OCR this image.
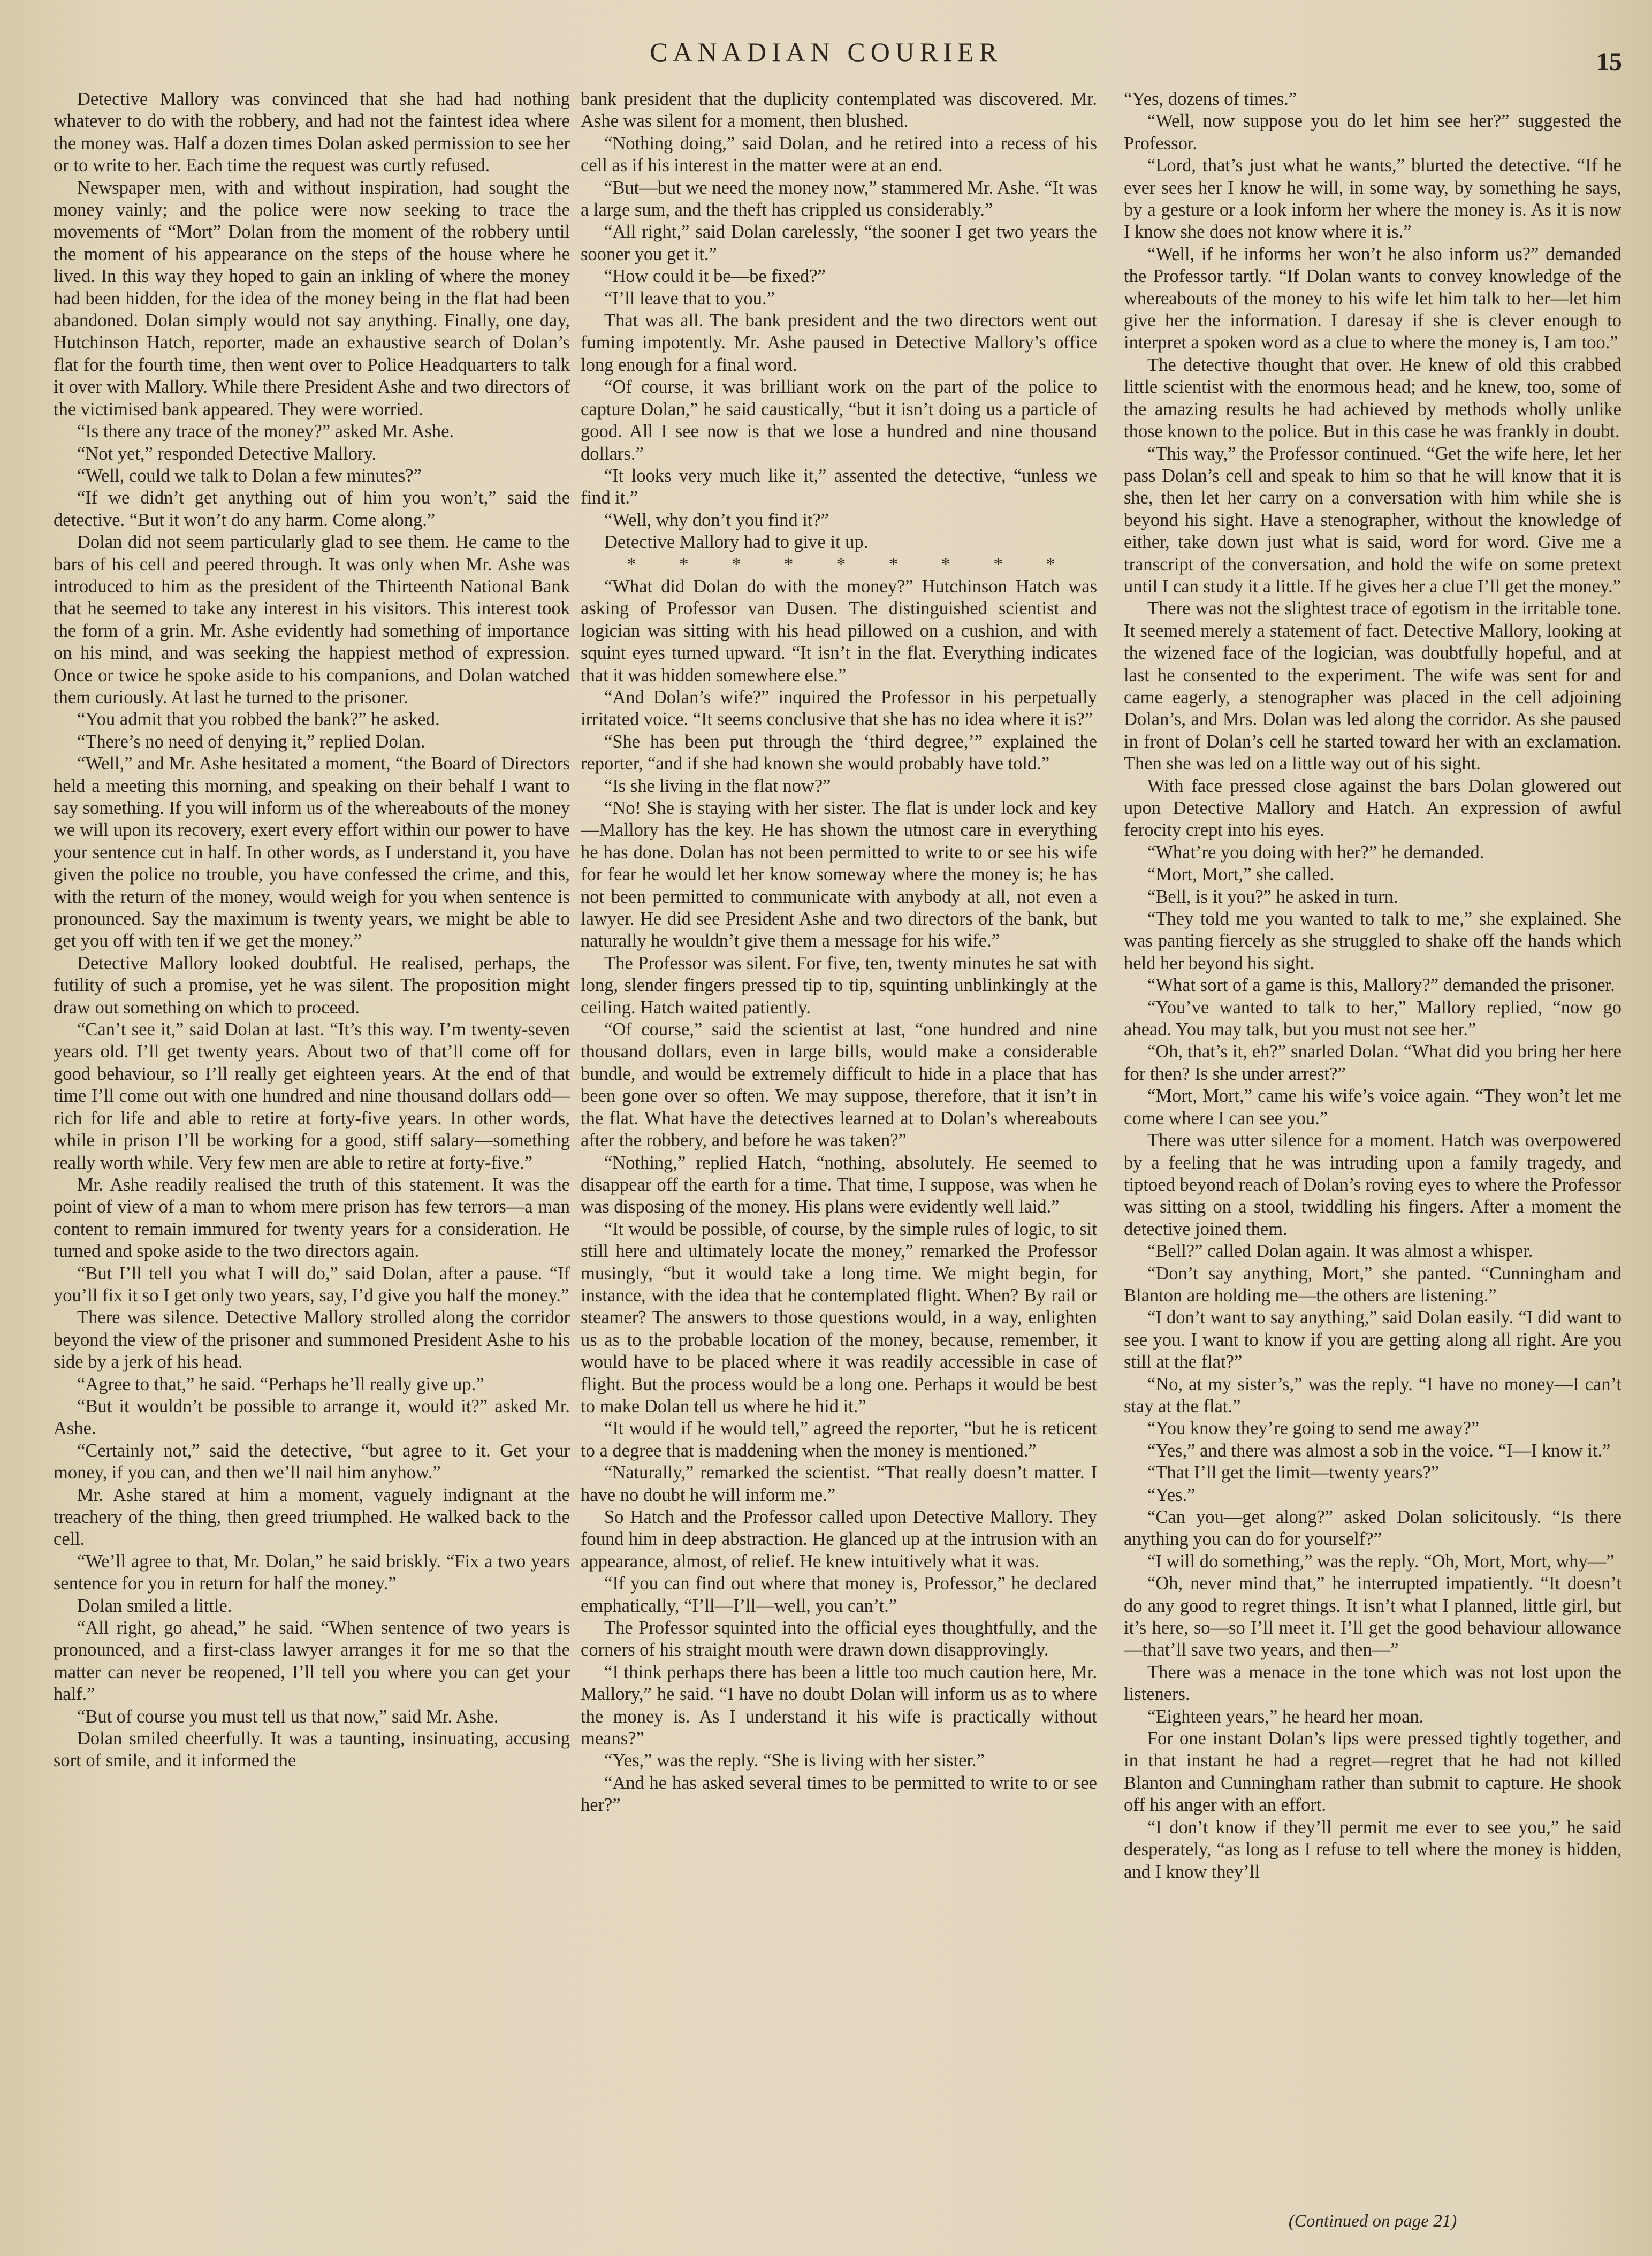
CANADIAN COURIER	15

Detective Mallory was convinced that she had had nothing whatever to do with the robbery, and had not the faintest idea where the money was. Half a dozen times Dolan asked permission to see her or to write to her. Each time the request was curtly refused.

Newspaper men, with and without inspiration, had sought the money vainly; and the police were now seeking to trace the movements of “Mort” Dolan from the moment of the robbery until the moment of his appearance on the steps of the house where he lived. In this way they hoped to gain an inkling of where the money had been hidden, for the idea of the money being in the flat had been abandoned. Dolan simply would not say anything. Finally, one day, Hutchinson Hatch, reporter, made an exhaustive search of Dolan’s flat for the fourth time, then went over to Police Headquarters to talk it over with Mallory. While there President Ashe and two directors of the victimised bank appeared. They were worried.

“Is there any trace of the money?” asked Mr. Ashe.

“Not yet,” responded Detective Mallory.

“Well, could we talk to Dolan a few minutes?”

“If we didn’t get anything out of him you won’t,” said the detective. “But it won’t do any harm. Come along.”

Dolan did not seem particularly glad to see them. He came to the bars of his cell and peered through. It was only when Mr. Ashe was introduced to him as the president of the Thirteenth National Bank that he seemed to take any interest in his visitors. This interest took the form of a grin. Mr. Ashe evidently had something of importance on his mind, and was seeking the happiest method of expression. Once or twice he spoke aside to his companions, and Dolan watched them curiously. At last he turned to the prisoner.

“You admit that you robbed the bank?” he asked.

“There’s no need of denying it,” replied Dolan.

“Well,” and Mr. Ashe hesitated a moment, “the Board of Directors held a meeting this morning, and speaking on their behalf I want to say something. If you will inform us of the whereabouts of the money we will upon its recovery, exert every effort within our power to have your sentence cut in half. In other words, as I understand it, you have given the police no trouble, you have confessed the crime, and this, with the return of the money, would weigh for you when sentence is pronounced. Say the maximum is twenty years, we might be able to get you off with ten if we get the money.”

Detective Mallory looked doubtful. He realised, perhaps, the futility of such a promise, yet he was silent. The proposition might draw out something on which to proceed.

“Can’t see it,” said Dolan at last. “It’s this way. I’m twenty-seven years old. I’ll get twenty years. About two of that’ll come off for good behaviour, so I’ll really get eighteen years. At the end of that time I’ll come out with one hundred and nine thousand dollars odd—rich for life and able to retire at forty-five years. In other words, while in prison I’ll be working for a good, stiff salary—something really worth while. Very few men are able to retire at forty-five.”

Mr. Ashe readily realised the truth of this statement. It was the point of view of a man to whom mere prison has few terrors—a man content to remain immured for twenty years for a consideration. He turned and spoke aside to the two directors again.

“But I’ll tell you what I will do,” said Dolan, after a pause. “If you’ll fix it so I get only two years, say, I’d give you half the money.”

There was silence. Detective Mallory strolled along the corridor beyond the view of the prisoner and summoned President Ashe to his side by a jerk of his head.

“Agree to that,” he said. “Perhaps he’ll really give up.”

“But it wouldn’t be possible to arrange it, would it?” asked Mr. Ashe.

“Certainly not,” said the detective, “but agree to it. Get your money, if you can, and then we’ll nail him anyhow.”

Mr. Ashe stared at him a moment, vaguely indignant at the treachery of the thing, then greed triumphed. He walked back to the cell.

“We’ll agree to that, Mr. Dolan,” he said briskly. “Fix a two years sentence for you in return for half the money.”

Dolan smiled a little.

“All right, go ahead,” he said. “When sentence of two years is pronounced, and a first-class lawyer arranges it for me so that the matter can never be reopened, I’ll tell you where you can get your half.”

“But of course you must tell us that now,” said Mr. Ashe.

Dolan smiled cheerfully. It was a taunting, insinuating, accusing sort of smile, and it informed the

bank president that the duplicity contemplated was discovered. Mr. Ashe was silent for a moment, then blushed.

“Nothing doing,” said Dolan, and he retired into a recess of his cell as if his interest in the matter were at an end.

“But—but we need the money now,” stammered Mr. Ashe. “It was a large sum, and the theft has crippled us considerably.”

“All right,” said Dolan carelessly, “the sooner I get two years the sooner you get it.”

“How could it be—be fixed?”

“I’ll leave that to you.”

That was all. The bank president and the two directors went out fuming impotently. Mr. Ashe paused in Detective Mallory’s office long enough for a final word.

“Of course, it was brilliant work on the part of the police to capture Dolan,” he said caustically, “but it isn’t doing us a particle of good. All I see now is that we lose a hundred and nine thousand dollars.”

“It looks very much like it,” assented the detective, “unless we find it.”

“Well, why don’t you find it?”

Detective Mallory had to give it up.

* * * * * * * * *

“What did Dolan do with the money?” Hutchinson Hatch was asking of Professor van Dusen. The distinguished scientist and logician was sitting with his head pillowed on a cushion, and with squint eyes turned upward. “It isn’t in the flat. Everything indicates that it was hidden somewhere else.”

“And Dolan’s wife?” inquired the Professor in his perpetually irritated voice. “It seems conclusive that she has no idea where it is?”

“She has been put through the ‘third degree,’” explained the reporter, “and if she had known she would probably have told.”

“Is she living in the flat now?”

“No! She is staying with her sister. The flat is under lock and key—Mallory has the key. He has shown the utmost care in everything he has done. Dolan has not been permitted to write to or see his wife for fear he would let her know someway where the money is; he has not been permitted to communicate with anybody at all, not even a lawyer. He did see President Ashe and two directors of the bank, but naturally he wouldn’t give them a message for his wife.”

The Professor was silent. For five, ten, twenty minutes he sat with long, slender fingers pressed tip to tip, squinting unblinkingly at the ceiling. Hatch waited patiently.

“Of course,” said the scientist at last, “one hundred and nine thousand dollars, even in large bills, would make a considerable bundle, and would be extremely difficult to hide in a place that has been gone over so often. We may suppose, therefore, that it isn’t in the flat. What have the detectives learned at to Dolan’s whereabouts after the robbery, and before he was taken?”

“Nothing,” replied Hatch, “nothing, absolutely. He seemed to disappear off the earth for a time. That time, I suppose, was when he was disposing of the money. His plans were evidently well laid.”

“It would be possible, of course, by the simple rules of logic, to sit still here and ultimately locate the money,” remarked the Professor musingly, “but it would take a long time. We might begin, for instance, with the idea that he contemplated flight. When? By rail or steamer? The answers to those questions would, in a way, enlighten us as to the probable location of the money, because, remember, it would have to be placed where it was readily accessible in case of flight. But the process would be a long one. Perhaps it would be best to make Dolan tell us where he hid it.”

“It would if he would tell,” agreed the reporter, “but he is reticent to a degree that is maddening when the money is mentioned.”

“Naturally,” remarked the scientist. “That really doesn’t matter. I have no doubt he will inform me.”

So Hatch and the Professor called upon Detective Mallory. They found him in deep abstraction. He glanced up at the intrusion with an appearance, almost, of relief. He knew intuitively what it was.

“If you can find out where that money is, Professor,” he declared emphatically, “I’ll—I’ll—well, you can’t.”

The Professor squinted into the official eyes thoughtfully, and the corners of his straight mouth were drawn down disapprovingly.

“I think perhaps there has been a little too much caution here, Mr. Mallory,” he said. “I have no doubt Dolan will inform us as to where the money is. As I understand it his wife is practically without means?”

“Yes,” was the reply. “She is living with her sister.”

“And he has asked several times to be permitted to write to or see her?”

“Yes, dozens of times.”

“Well, now suppose you do let him see her?” suggested the Professor.

“Lord, that’s just what he wants,” blurted the detective. “If he ever sees her I know he will, in some way, by something he says, by a gesture or a look inform her where the money is. As it is now I know she does not know where it is.”

“Well, if he informs her won’t he also inform us?” demanded the Professor tartly. “If Dolan wants to convey knowledge of the whereabouts of the money to his wife let him talk to her—let him give her the information. I daresay if she is clever enough to interpret a spoken word as a clue to where the money is, I am too.”

The detective thought that over. He knew of old this crabbed little scientist with the enormous head; and he knew, too, some of the amazing results he had achieved by methods wholly unlike those known to the police. But in this case he was frankly in doubt.

“This way,” the Professor continued. “Get the wife here, let her pass Dolan’s cell and speak to him so that he will know that it is she, then let her carry on a conversation with him while she is beyond his sight. Have a stenographer, without the knowledge of either, take down just what is said, word for word. Give me a transcript of the conversation, and hold the wife on some pretext until I can study it a little. If he gives her a clue I’ll get the money.”

There was not the slightest trace of egotism in the irritable tone. It seemed merely a statement of fact. Detective Mallory, looking at the wizened face of the logician, was doubtfully hopeful, and at last he consented to the experiment. The wife was sent for and came eagerly, a stenographer was placed in the cell adjoining Dolan’s, and Mrs. Dolan was led along the corridor. As she paused in front of Dolan’s cell he started toward her with an exclamation. Then she was led on a little way out of his sight.

With face pressed close against the bars Dolan glowered out upon Detective Mallory and Hatch. An expression of awful ferocity crept into his eyes.

“What’re you doing with her?” he demanded.

“Mort, Mort,” she called.

“Bell, is it you?” he asked in turn.

“They told me you wanted to talk to me,” she explained. She was panting fiercely as she struggled to shake off the hands which held her beyond his sight.

“What sort of a game is this, Mallory?” demanded the prisoner.

“You’ve wanted to talk to her,” Mallory replied, “now go ahead. You may talk, but you must not see her.”

“Oh, that’s it, eh?” snarled Dolan. “What did you bring her here for then? Is she under arrest?”

“Mort, Mort,” came his wife’s voice again. “They won’t let me come where I can see you.”

There was utter silence for a moment. Hatch was overpowered by a feeling that he was intruding upon a family tragedy, and tiptoed beyond reach of Dolan’s roving eyes to where the Professor was sitting on a stool, twiddling his fingers. After a moment the detective joined them.

“Bell?” called Dolan again. It was almost a whisper.

“Don’t say anything, Mort,” she panted. “Cunningham and Blanton are holding me—the others are listening.”

“I don’t want to say anything,” said Dolan easily. “I did want to see you. I want to know if you are getting along all right. Are you still at the flat?”

“No, at my sister’s,” was the reply. “I have no money—I can’t stay at the flat.”

“You know they’re going to send me away?”

“Yes,” and there was almost a sob in the voice. “I—I know it.”

“That I’ll get the limit—twenty years?”

“Yes.”

“Can you—get along?” asked Dolan solicitously. “Is there anything you can do for yourself?”

“I will do something,” was the reply. “Oh, Mort, Mort, why—”

“Oh, never mind that,” he interrupted impatiently. “It doesn’t do any good to regret things. It isn’t what I planned, little girl, but it’s here, so—so I’ll meet it. I’ll get the good behaviour allowance—that’ll save two years, and then—”

There was a menace in the tone which was not lost upon the listeners.

“Eighteen years,” he heard her moan.

For one instant Dolan’s lips were pressed tightly together, and in that instant he had a regret—regret that he had not killed Blanton and Cunningham rather than submit to capture. He shook off his anger with an effort.

“I don’t know if they’ll permit me ever to see you,” he said desperately, “as long as I refuse to tell where the money is hidden, and I know they’ll

(Continued on page 21)
